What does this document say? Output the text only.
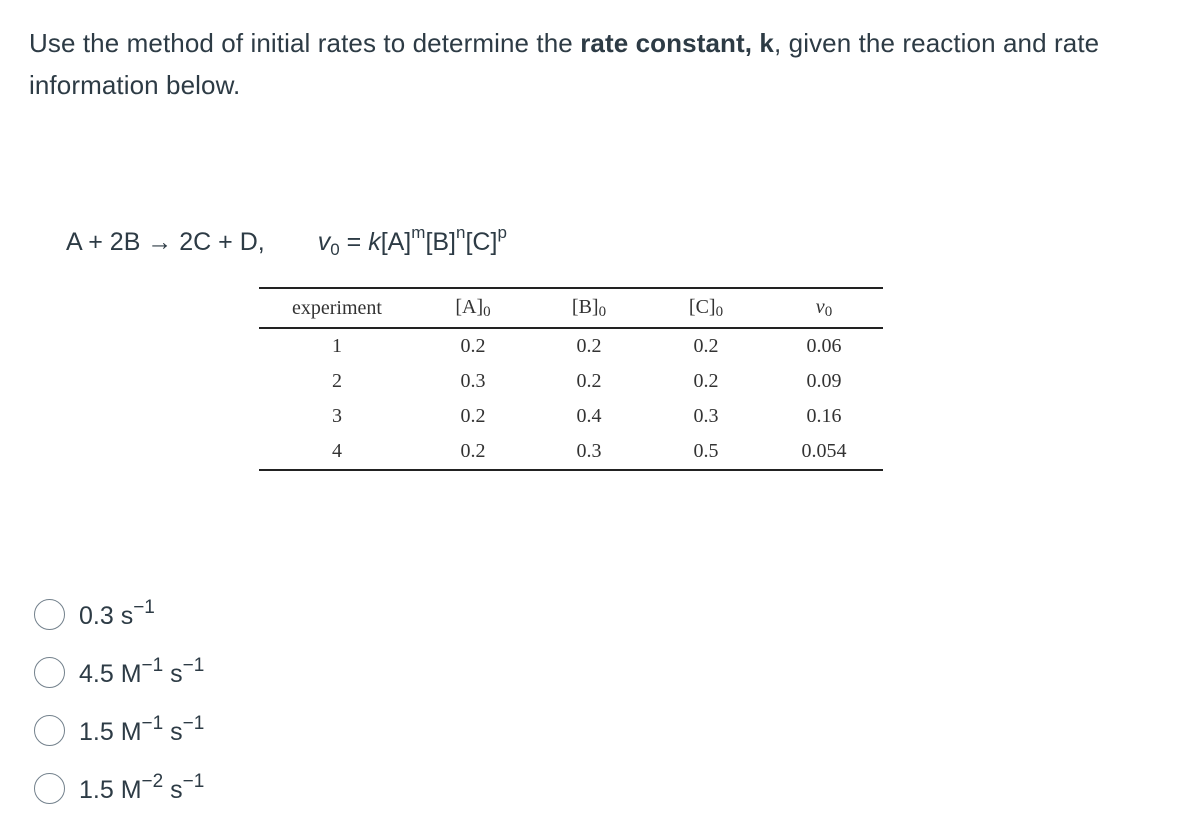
Use the method of initial rates to determine the rate constant, k, given the reaction and rate information below.
A + 2B → 2C + D, $v_0 = k[A]^m[B]^n[C]^p$
experiment	$[A]_0$	$[B]_0$	$[C]_0$	$v_0$
1	0.2	0.2	0.2	0.06
2	0.3	0.2	0.2	0.09
3	0.2	0.4	0.3	0.16
4	0.2	0.3	0.5	0.054
0.3 $s^{-1}$
4.5 $M^{-1}$ $s^{-1}$
1.5 $M^{-1}$ $s^{-1}$
1.5 $M^{-2}$ $s^{-1}$
